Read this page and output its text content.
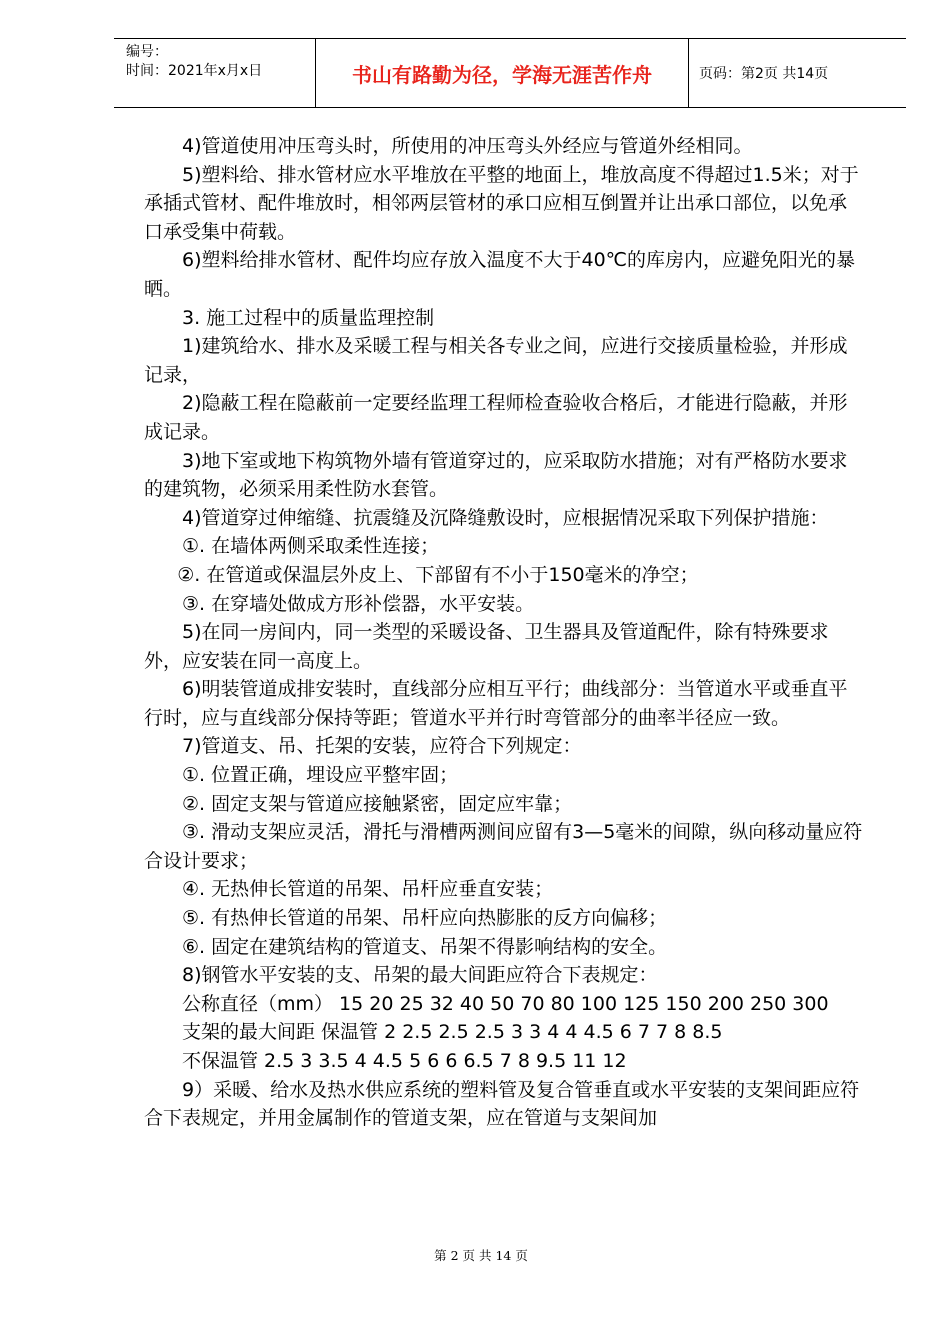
编号：
时间：2021年x月x日	书山有路勤为径，学海无涯苦作舟	页码：第2页 共14页

4)管道使用冲压弯头时，所使用的冲压弯头外经应与管道外经相同。

5)塑料给、排水管材应水平堆放在平整的地面上，堆放高度不得超过1.5米；对于承插式管材、配件堆放时，相邻两层管材的承口应相互倒置并让出承口部位，以免承口承受集中荷载。

6)塑料给排水管材、配件均应存放入温度不大于40℃的库房内，应避免阳光的暴晒。

3. 施工过程中的质量监理控制

1)建筑给水、排水及采暖工程与相关各专业之间，应进行交接质量检验，并形成记录，

2)隐蔽工程在隐蔽前一定要经监理工程师检查验收合格后，才能进行隐蔽，并形成记录。

3)地下室或地下构筑物外墙有管道穿过的，应采取防水措施；对有严格防水要求的建筑物，必须采用柔性防水套管。

4)管道穿过伸缩缝、抗震缝及沉降缝敷设时，应根据情况采取下列保护措施：

①. 在墙体两侧采取柔性连接；

②. 在管道或保温层外皮上、下部留有不小于150毫米的净空；

③. 在穿墙处做成方形补偿器，水平安装。

5)在同一房间内，同一类型的采暖设备、卫生器具及管道配件，除有特殊要求外，应安装在同一高度上。

6)明装管道成排安装时，直线部分应相互平行；曲线部分：当管道水平或垂直平行时，应与直线部分保持等距；管道水平并行时弯管部分的曲率半径应一致。

7)管道支、吊、托架的安装，应符合下列规定：

①. 位置正确，埋设应平整牢固；

②. 固定支架与管道应接触紧密，固定应牢靠；

③. 滑动支架应灵活，滑托与滑槽两测间应留有3—5毫米的间隙，纵向移动量应符合设计要求；

④. 无热伸长管道的吊架、吊杆应垂直安装；

⑤. 有热伸长管道的吊架、吊杆应向热膨胀的反方向偏移；

⑥. 固定在建筑结构的管道支、吊架不得影响结构的安全。

8)钢管水平安装的支、吊架的最大间距应符合下表规定：

公称直径（mm） 15 20 25 32 40 50 70 80 100 125 150 200 250 300

支架的最大间距 保温管 2 2.5 2.5 2.5 3 3 4 4 4.5 6 7 7 8 8.5

不保温管 2.5 3 3.5 4 4.5 5 6 6 6.5 7 8 9.5 11 12

9）采暖、给水及热水供应系统的塑料管及复合管垂直或水平安装的支架间距应符合下表规定，并用金属制作的管道支架，应在管道与支架间加

第 2 页 共 14 页
